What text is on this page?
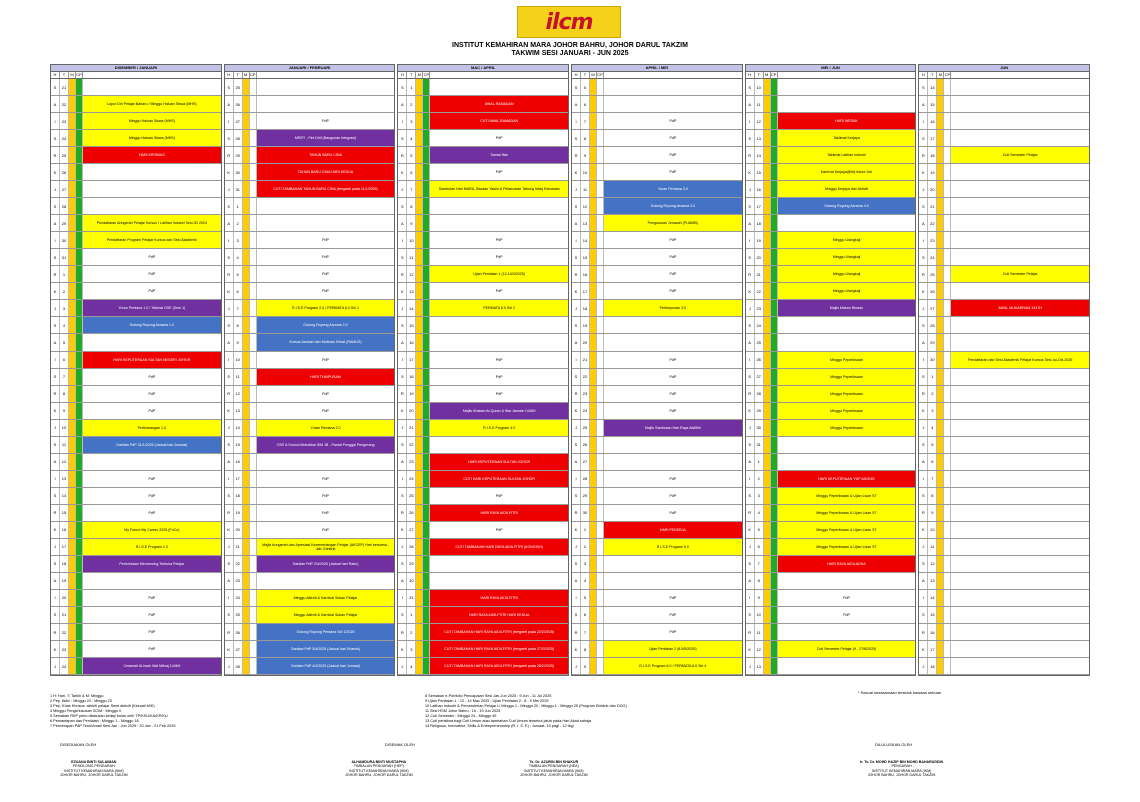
ilcm
INSTITUT KEMAHIRAN MARA JOHOR BAHRU, JOHOR DARUL TAKZIM
TAKWIM SESI JANUARI - JUN 2025
DISEMBER / JANUARI
H	T	M CP
S	21
A	22	Lapor Diri Pelajar Baharu / Minggu Haluan Siswa (MHS)
I	23	Minggu Haluan Siswa (MHS)
S	24	Minggu Haluan Siswa (MHS)
R	25	HARI KRISMAS
K	26
J	27
S	28
A	29	Pendaftaran Anugerah Pelajar Kursus / Latihan Industri Sesi JD 2024
I	30	Pendaftaran Program Pelajar Kursus dan Sesi Akademik
S	31	PdP
R	1	PdP
K	2	PdP
J	3	Yuran Perdana 1.0 / Takimsi DSE (Sem 1)
S	4	Gotong Royong Asrama 1.0
A	5
I	6	HARI KEPUTERAAN SULTAN NEGERI JOHOR
S	7	PdP
R	8	PdP
K	9	PdP
J	10	Pertimbangan 1.0
S	11	Gantian PdP 31/1/2025 (Jadual hari Jumaat)
A	12
I	13	PdP
S	14	PdP
R	15	PdP
K	16	My Future My Career 2025 (FoCo)
J	17	R.I.S.E Program 1.0
S	18	Perlombaan Memancing Terbuka Pelajar
A	19
I	20	PdP
S	21	PdP
R	22	PdP
K	23	PdP
J	24	Ceramah Al-Israk Wal Mikraj 1446H
JANUARI / FEBRUARI
H	T	M CP
S	25
A	26
I	27	PdP
S	28	MRRT - Pini Drill (Bangunan Integrasi)
R	29	TAHUN BARU CINA
K	30	TAHUN BARU CINA HARI KEDUA
J	31	CUTI TAMBAHAN TAHUN BARU CINA (berganti pada 11/1/2025)
S	1
A	2
I	3	PdP
S	4	PdP
R	5	PdP
K	6	PdP
J	7	R.I.S.E Program 2.0 / PERMATA 6.0 Siri 1
S	8	Gotong Royong Asrama 2.0
A	9	Kursus Asuhan dan Motivasi Sebat (RAMUS)
I	10	PdP
S	11	HARI THAIPUSAM
R	12	PdP
K	13	PdP
J	14	Yuran Perdana 2.0
S	15	CSR & Konvoi Motosikal IKM JB - Pantai Punggai Pengerang
A	16
I	17	PdP
S	18	PdP
R	19	PdP
K	20	PdP
J	21	Majlis Anugerah dan Apresiasi Kecemerlangan Pelajar (AKCEP) Hari bersama - Jab. Elektrik
S	22	Gantian PdP 2/4/2025 (Jadual hari Rabu)
A	23
I	24	Minggu Aktiviti & Karnival Sukan Pelajar
S	25	Minggu Aktiviti & Karnival Sukan Pelajar
R	26	Gotong Royong Perdana Siri 1/2025
K	27	Gantian PdP 3/4/2025 (Jadual hari Khamis)
J	28	Gantian PdP 4/4/2025 (Jadual hari Jumaat)
MAC / APRIL
H	T	M CP
S	1
A	2	AWAL RAMADAN
I	3	CUTI AWAL RAMADAN
S	4	PdP
R	5	Santai Iftar
K	6	PdP
J	7	Sambutan Hari MARA, Bacaan Yasiin & Pelancaran Tabung Infaq Ramadan
S	8
A	9
I	10	PdP
S	11	PdP
R	12	Ujian Penilaian 1 (12-14/3/2025)
K	13	PdP
J	14	PERMATA 6.0 Siri 2
S	15
A	16
I	17	PdP
S	18	PdP
R	19	PdP
K	20	Majlis Khatam Al-Quran & Iftar Jamaie 1446H
J	21	R.I.S.E Program 4.0
S	22
A	23	HARI KEPUTERAAN SULTAN JOHOR
I	24	CUTI HARI KEPUTERAAN SULTAN JOHOR
S	25	PdP
R	26	HARI RAYA AIDILFITRI
K	27	PdP
J	28	CUTI TAMBAHAN HARI RAYA AIDILFITRI (KONGSIH)
S	29
A	30
I	31	HARI RAYA AIDILFITRI
S	1	HARI RAYA AIDILFITRI HARI KEDUA
R	2	CUTI TAMBAHAN HARI RAYA AIDILFITRI (berganti pada 22/2/2025)
K	3	CUTI TAMBAHAN HARI RAYA AIDILFITRI (berganti pada 27/2/2025)
J	4	CUTI TAMBAHAN HARI RAYA AIDILFITRI (berganti pada 28/2/2025)
APRIL / MEI
H	T	M CP
S	5
A	6
I	7	PdP
S	8	PdP
R	9	PdP
K	10	PdP
J	11	Yuran Perdana 3.0
S	12	Gotong Royong Asrama 3.0
A	13	Pengurusan Jenazah (PIJAMB)
I	14	PdP
S	15	PdP
R	16	PdP
K	17	PdP
J	18	Pertimpunan 3.0
S	19
A	20
I	21	PdP
S	22	PdP
R	23	PdP
K	24	PdP
J	25	Majlis Sambutan Hari Raya Aidilfitri
S	26
A	27
I	28	PdP
S	29	PdP
R	30	PdP
K	1	HARI PEKERJA
J	2	R.I.S.E Program 5.0
S	3
A	4
I	5	PdP
S	6	PdP
R	7	PdP
K	8	Ujian Penilaian 2 (8-9/5/2025)
J	9	R.I.S.E Program 6.0 / PERMATA 6.0 Siri 4
MEI / JUN
H	T	M CP
S	10
A	11
I	12	HARI WESAK
S	13	Taklimat Kerjaya
R	14	Taklimat Latihan Industri
K	15	Karnival Kerjaya@My future Job
J	16	Minggu Kerjaya dan Aktiviti
S	17	Gotong Royong Asrama 4.0
A	18
I	19	Minggu Ulangkaji
S	20	Minggu Ulangkaji
R	21	Minggu Ulangkaji
K	22	Minggu Ulangkaji
J	23	Majlis Makan Beradu
S	24
A	25
I	26	Minggu Peperiksaan
S	27	Minggu Peperiksaan
R	28	Minggu Peperiksaan
K	29	Minggu Peperiksaan
J	30	Minggu Peperiksaan
S	31
A	1
I	2	HARI KEPUTERAAN YDP AGONG
S	3	Minggu Peperiksaan & Ujian Lisan ST
R	4	Minggu Peperiksaan & Ujian Lisan ST
K	5	Minggu Peperiksaan & Ujian Lisan ST
J	6	Minggu Peperiksaan & Ujian Lisan ST
S	7	HARI RAYA AIDILADHA
A	8
I	9	PdP
S	10	PdP
R	11
K	12	Cuti Semester Pelajar (9 - 27/6/2025)
J	13
JUN
H	T	M CP
S	14
A	15
I	16
S	17
R	18	Cuti Semester Pelajar
K	19
J	20
S	21
A	22
I	23
S	24
R	25	Cuti Semester Pelajar
K	26
J	27	AWAL MUHARRAM 1447H
S	28
A	29
I	30	Pendaftaran dan Sesi Akademik Pelajar Kursus Sesi Jul-Dis 2025
S	1
R	2
K	3
J	4
S	5
A	6
I	7
S	8
R	9
K	10
J	11
S	12
A	13
I	14
S	15
R	16
K	17
J	18
1 H: Hari, T: Tarikh & M: Minggu
2 Pep. Aktiv : Minggu 22 ; Minggu 23
3 Pep. Khas Khusus: aktiviti pelajar Semi aktiviti (Kesuali M/K)
4 Minggu Pengkhususan SCIM : Minggu 0
5 Semakan RKP perlu dilakukan setiap bulan oleh TP/KSU/KA/KP/KU
6 Pemantapan dan Penilaian : Minggu 1 - Minggu 18
7 Pencerapan PdP Teori/Amali Sesi Jan - Jun 2025 : 20 Jan - 21 Feb 2025
8 Semakan e-Portfolio Pencapaian Sesi Jan-Jun 2025 : 9 Jun - 11 Jul 2025
9 Ujian Penilaian 1 : 12 - 14 Mac 2025 ; Ujian Penilaian 2 : 8 - 9 Mei 2025
10 Latihan Industri & Pemerolehan Pelajar Li Minggu 1 - Minggu 20 ; Minggu 1 - Minggu 25 (Program Elektrik dan DGG)
11 Sesi HSM Johor Bahru : 16 - 19 Jun 2025
12 Cuti Semester : Minggu 24 - Minggu 49
13 Cuti peristiwa bagi Cuti Umum atau tambahan Cuti Umum tersebut jatuh pada Hari Akad sahaja
14 Religious, Innovative, Skills & Entrepreneurship (R. I. S. E) ; Jumaat, 10 pagi - 12 tkgi
* Sesuai sesasamaan tersiduk bawaan sebuan
DISEDIAKAN OLEH	DISEMAK OLEH	DILULUSKAN OLEH
EZUANA BINTI SULAIMAN
PENOLONG PENGARAH
INSTITUT KEMAHIRAN MARA (IKM)
JOHOR BAHRU, JOHOR DARUL TAKZIM
ALHAMDURA BINTI MUSTAPHA
TIMBALAN PENGARAH (HEP)
INSTITUT KEMAHIRAN MARA (IKM)
JOHOR BAHRU, JOHOR DARUL TAKZIM
Ts. Dr. AZURIN BIN SHAKUR
TIMBALAN PENGARAH (HEA)
INSTITUT KEMAHIRAN MARA (IKM)
JOHOR BAHRU, JOHOR DARUL TAKZIM
Ir. Ts. Dr. MOHD HAZIP BIN MOHD BAHARUDDIN
PENGARAH
INSTITUT KEMAHIRAN MARA (IKM)
JOHOR BAHRU, JOHOR DARUL TAKZIM
